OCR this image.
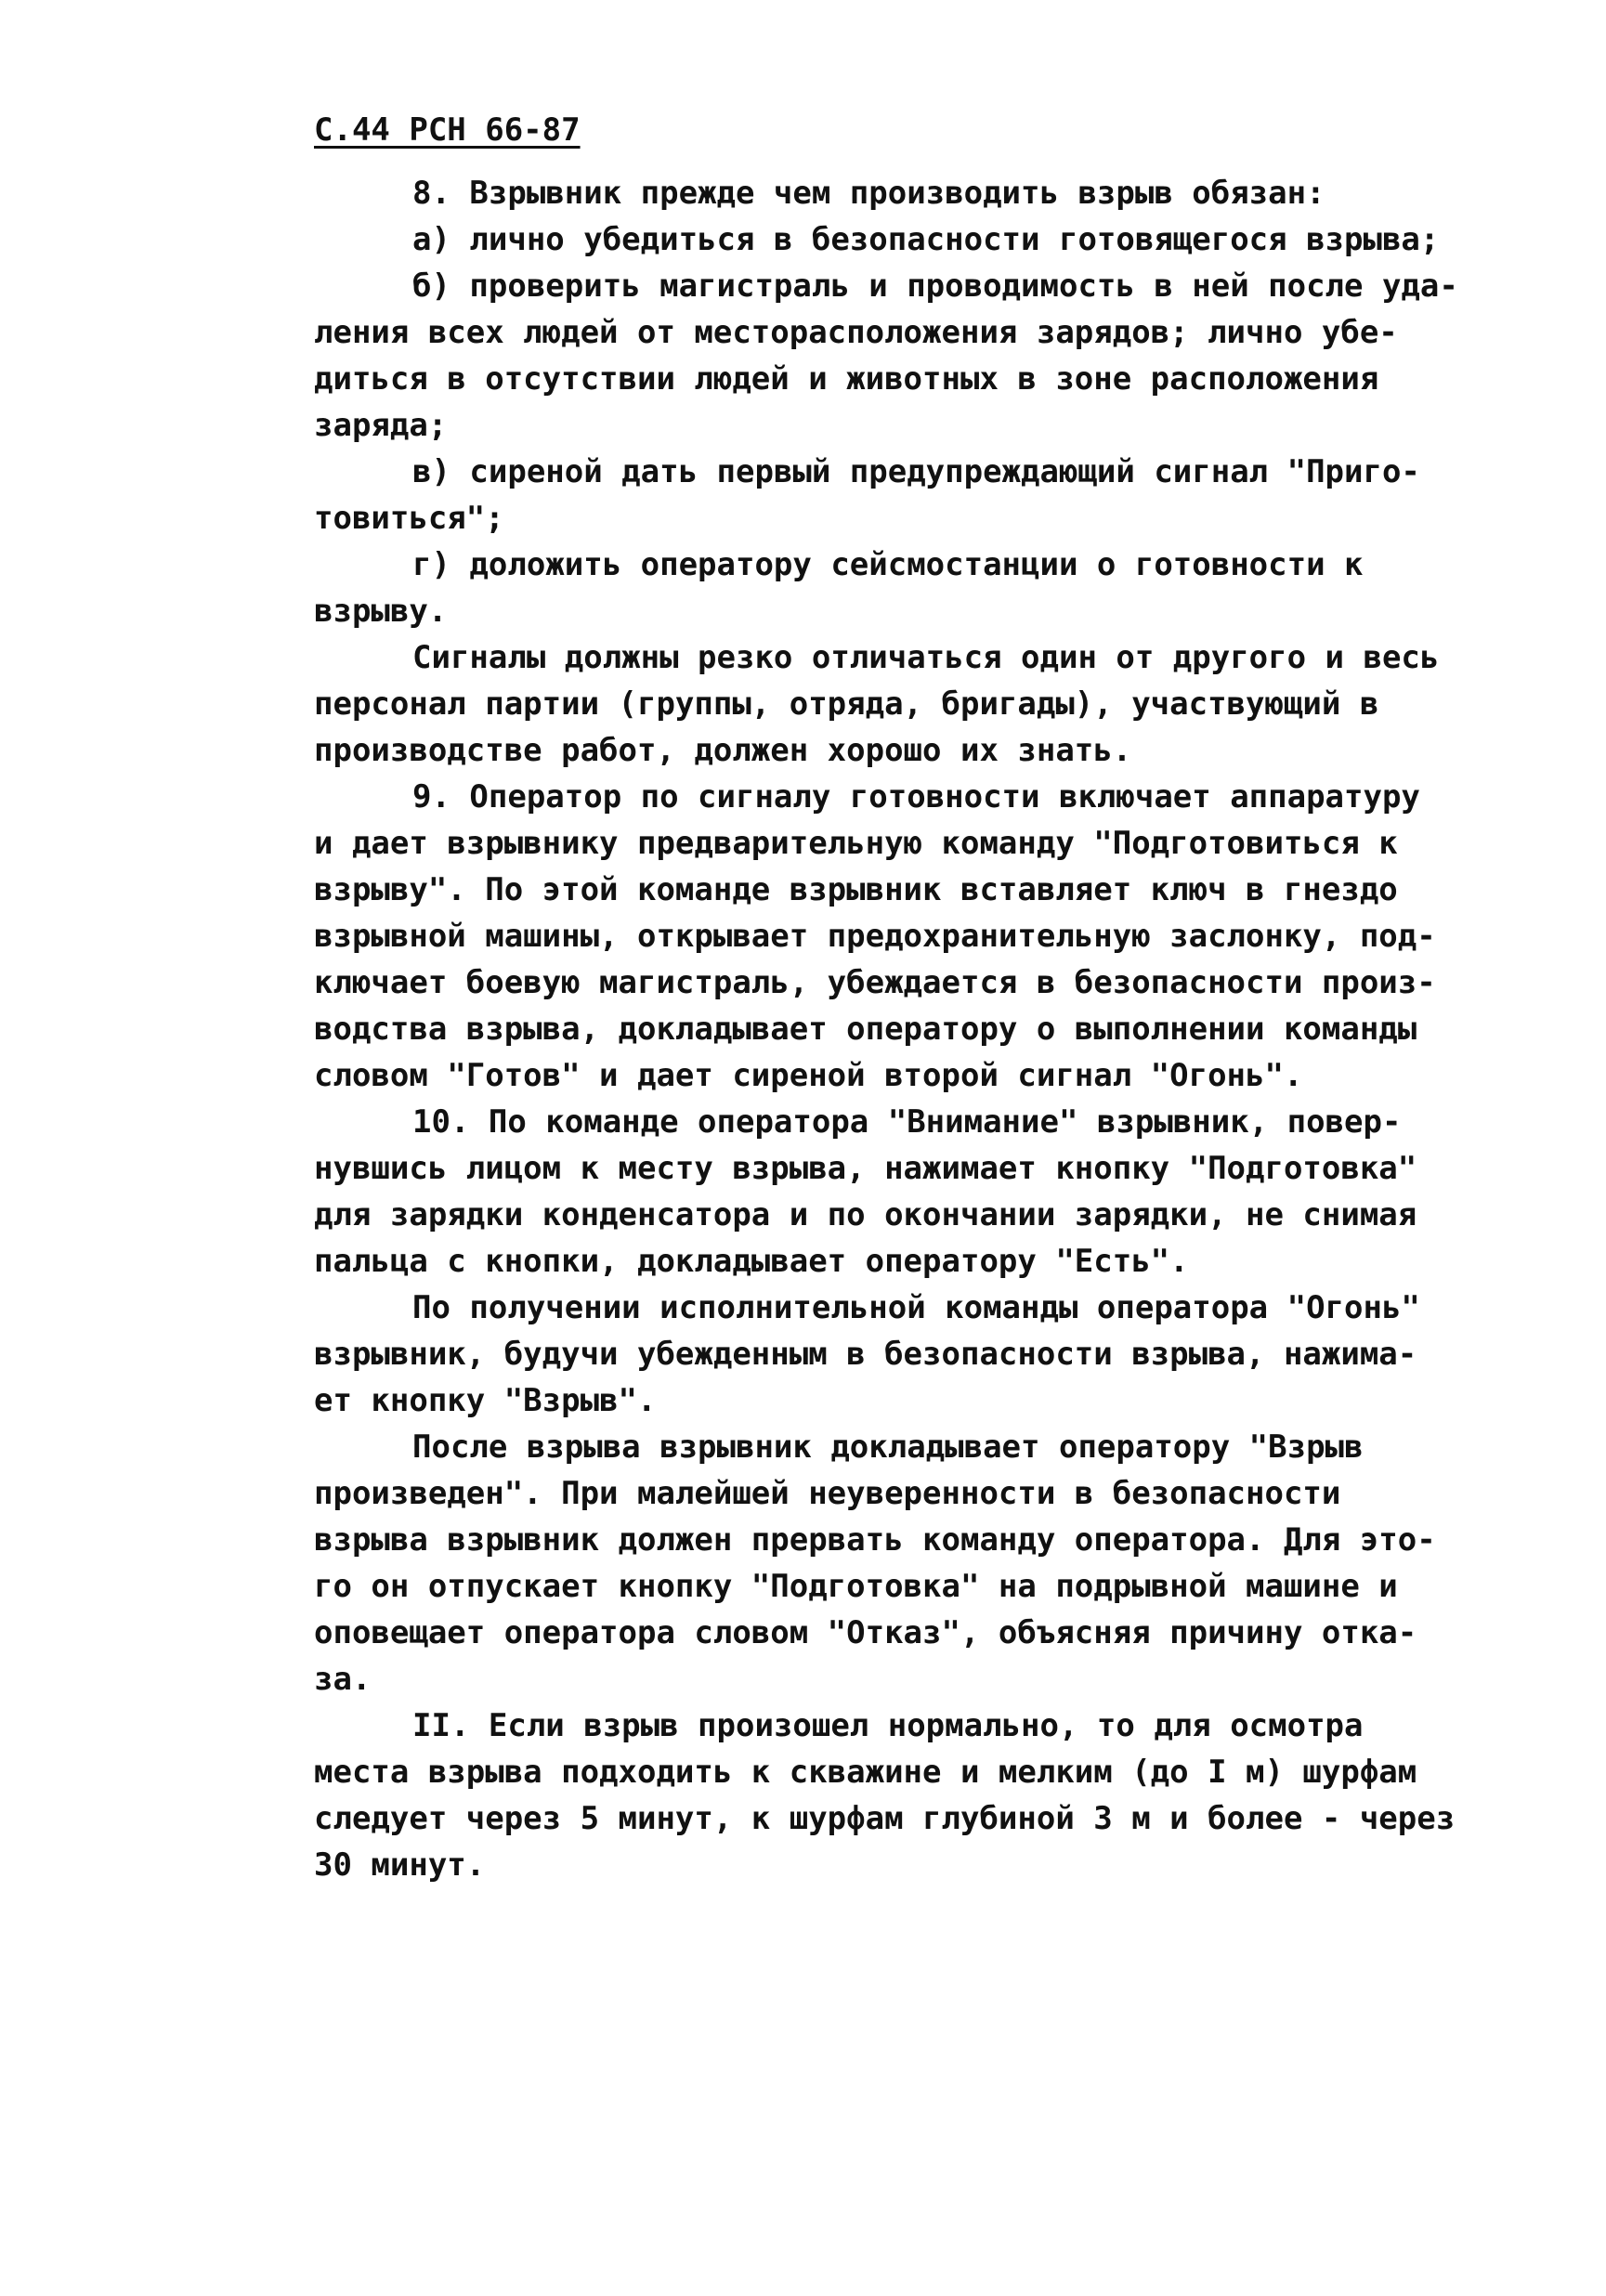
С.44 РСН 66-87
8. Взрывник прежде чем производить взрыв обязан:
а) лично убедиться в безопасности готовящегося взрыва;
б) проверить магистраль и проводимость в ней после уда-
ления всех людей от месторасположения зарядов; лично убе-
диться в отсутствии людей и животных в зоне расположения
заряда;
в) сиреной дать первый предупреждающий сигнал "Приго-
товиться";
г) доложить оператору сейсмостанции о готовности к
взрыву.
Сигналы должны резко отличаться один от другого и весь
персонал партии (группы, отряда, бригады), участвующий в
производстве работ, должен хорошо их знать.
9. Оператор по сигналу готовности включает аппаратуру
и дает взрывнику предварительную команду "Подготовиться к
взрыву". По этой команде взрывник вставляет ключ в гнездо
взрывной машины, открывает предохранительную заслонку, под-
ключает боевую магистраль, убеждается в безопасности произ-
водства взрыва, докладывает оператору о выполнении команды
словом "Готов" и дает сиреной второй сигнал "Огонь".
10. По команде оператора "Внимание" взрывник, повер-
нувшись лицом к месту взрыва, нажимает кнопку "Подготовка"
для зарядки конденсатора и по окончании зарядки, не снимая
пальца с кнопки, докладывает оператору "Есть".
По получении исполнительной команды оператора "Огонь"
взрывник, будучи убежденным в безопасности взрыва, нажима-
ет кнопку "Взрыв".
После взрыва взрывник докладывает оператору "Взрыв
произведен". При малейшей неуверенности в безопасности
взрыва взрывник должен прервать команду оператора. Для это-
го он отпускает кнопку "Подготовка" на подрывной машине и
оповещает оператора словом "Отказ", объясняя причину отка-
за.
II. Если взрыв произошел нормально, то для осмотра
места взрыва подходить к скважине и мелким (до I м) шурфам
следует через 5 минут, к шурфам глубиной 3 м и более - через
30 минут.
